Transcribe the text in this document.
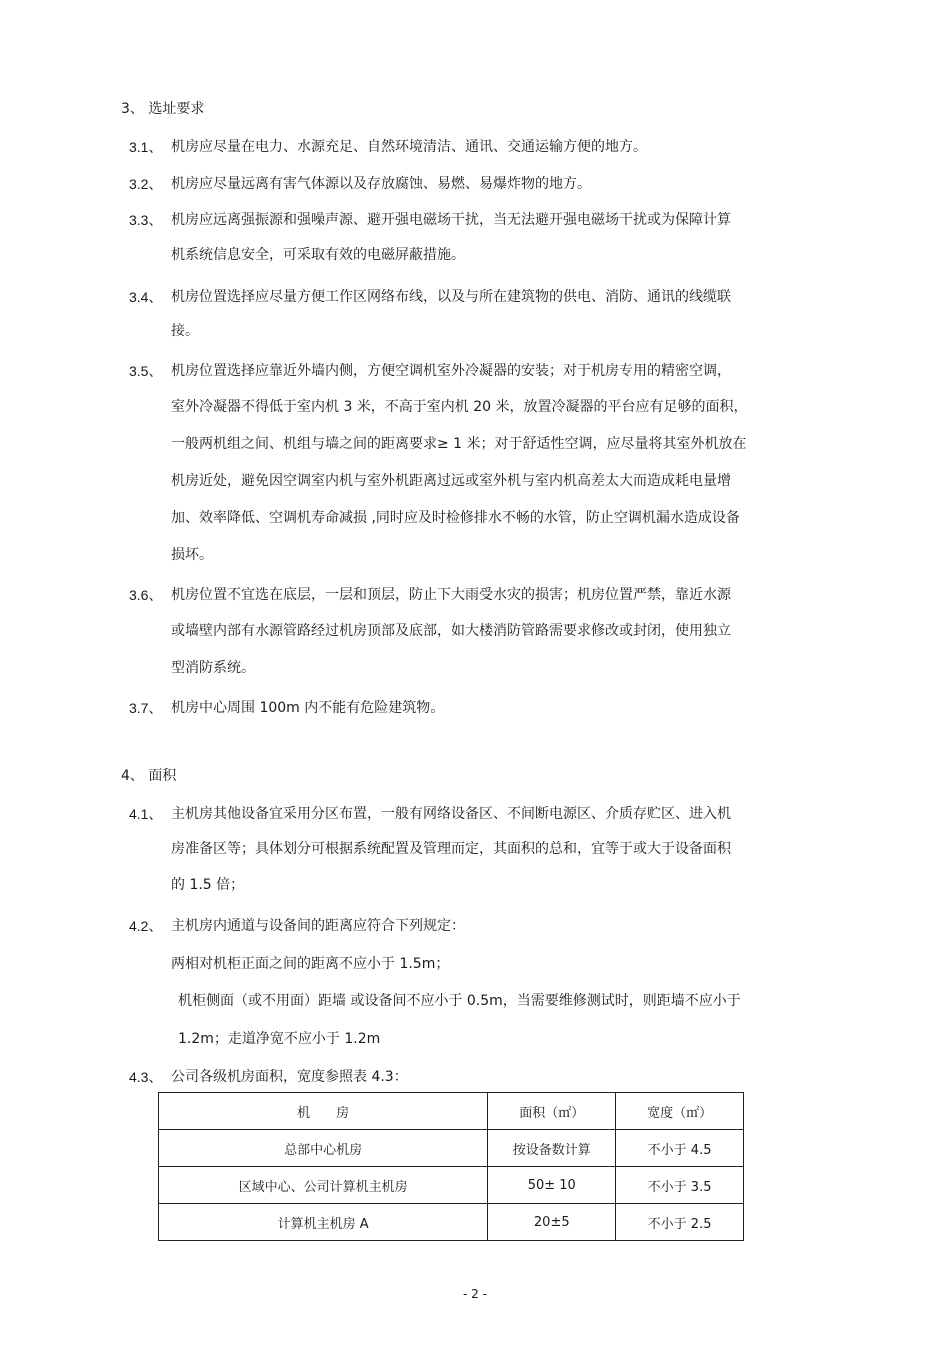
3、 选址要求
3.1、 机房应尽量在电力、水源充足、自然环境清洁、通讯、交通运输方便的地方。
3.2、 机房应尽量远离有害气体源以及存放腐蚀、易燃、易爆炸物的地方。
3.3、 机房应远离强振源和强噪声源、避开强电磁场干扰，当无法避开强电磁场干扰或为保障计算
机系统信息安全，可采取有效的电磁屏蔽措施。
3.4、 机房位置选择应尽量方便工作区网络布线，以及与所在建筑物的供电、消防、通讯的线缆联
接。
3.5、 机房位置选择应靠近外墙内侧，方便空调机室外冷凝器的安装；对于机房专用的精密空调，
室外冷凝器不得低于室内机 3 米，不高于室内机 20 米，放置冷凝器的平台应有足够的面积，
一般两机组之间、机组与墙之间的距离要求≥ 1 米；对于舒适性空调，应尽量将其室外机放在
机房近处，避免因空调室内机与室外机距离过远或室外机与室内机高差太大而造成耗电量增
加、效率降低、空调机寿命减损 ,同时应及时检修排水不畅的水管，防止空调机漏水造成设备
损坏。
3.6、 机房位置不宜选在底层，一层和顶层，防止下大雨受水灾的损害；机房位置严禁，靠近水源
或墙壁内部有水源管路经过机房顶部及底部，如大楼消防管路需要求修改或封闭，使用独立
型消防系统。
3.7、 机房中心周围 100m 内不能有危险建筑物。
4、 面积
4.1、 主机房其他设备宜采用分区布置，一般有网络设备区、不间断电源区、介质存贮区、进入机
房准备区等；具体划分可根据系统配置及管理而定，其面积的总和，宜等于或大于设备面积
的 1.5 倍；
4.2、 主机房内通道与设备间的距离应符合下列规定：
两相对机柜正面之间的距离不应小于 1.5m；
机柜侧面（或不用面）距墙 或设备间不应小于 0.5m，当需要维修测试时，则距墙不应小于
1.2m；走道净宽不应小于 1.2m
4.3、 公司各级机房面积，宽度参照表 4.3：
机　　房	面积（㎡）	宽度（㎡）
总部中心机房	按设备数计算	不小于 4.5
区域中心、公司计算机主机房	50± 10	不小于 3.5
计算机主机房 A	20±5	不小于 2.5
- 2 -
